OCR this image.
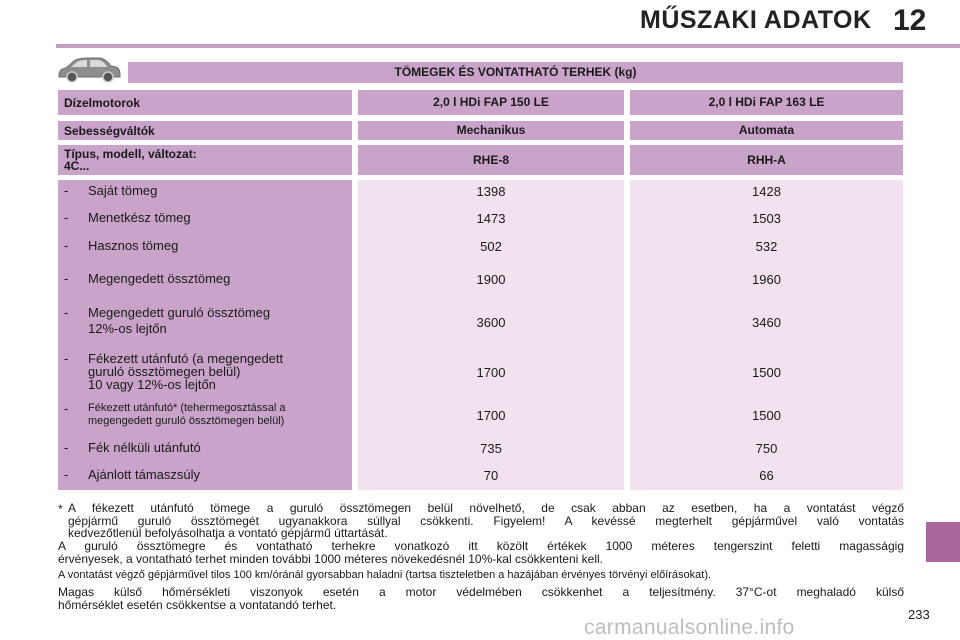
MŰSZAKI ADATOK 12
TÖMEGEK ÉS VONTATHATÓ TERHEK (kg)
Dízelmotorok	2,0 l HDi FAP 150 LE	2,0 l HDi FAP 163 LE
Sebességváltók	Mechanikus	Automata
Típus, modell, változat:
4C...	RHE-8	RHH-A
- Saját tömeg	1398	1428
- Menetkész tömeg	1473	1503
- Hasznos tömeg	502	532
- Megengedett össztömeg	1900	1960
- Megengedett guruló össztömeg
12%-os lejtőn	3600	3460
- Fékezett utánfutó (a megengedett
guruló össztömegen belül)
10 vagy 12%-os lejtőn
1700	1500
- Fékezett utánfutó* (tehermegosztással a
megengedett guruló össztömegen belül)	1700	1500
- Fék nélküli utánfutó	735	750
- Ajánlott támaszsúly	70	66
* A fékezett utánfutó tömege a guruló össztömegen belül növelhető, de csak abban az esetben, ha a vontatást végző
gépjármű guruló össztömegét ugyanakkora súllyal csökkenti. Figyelem! A kevéssé megterhelt gépjárművel való vontatás
kedvezőtlenül befolyásolhatja a vontató gépjármű úttartását.
A guruló össztömegre és vontatható terhekre vonatkozó itt közölt értékek 1000 méteres tengerszint feletti magasságig
érvényesek, a vontatható terhet minden további 1000 méteres növekedésnél 10%-kal csökkenteni kell.
A vontatást végző gépjárművel tilos 100 km/óránál gyorsabban haladni (tartsa tiszteletben a hazájában érvényes törvényi előírásokat).
Magas külső hőmérsékleti viszonyok esetén a motor védelmében csökkenhet a teljesítmény. 37°C-ot meghaladó külső
hőmérséklet esetén csökkentse a vontatandó terhet.
233
carmanualsonline.info
